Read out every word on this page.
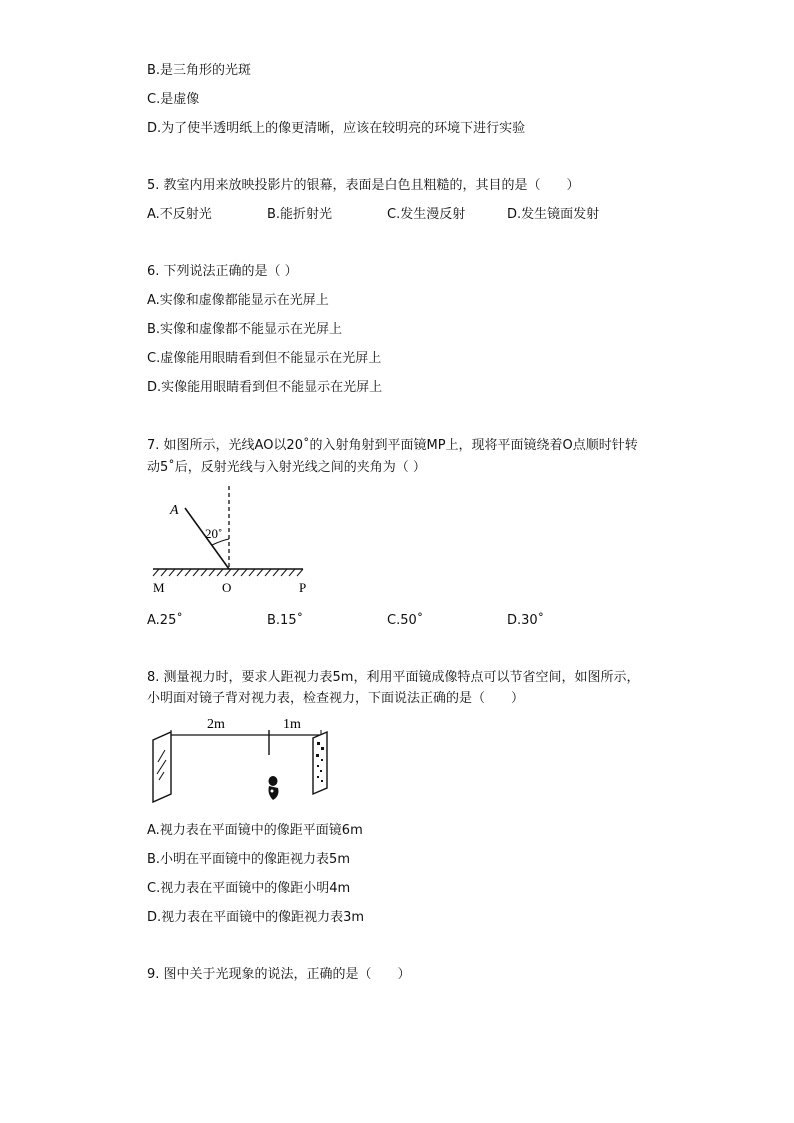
B.是三角形的光斑
C.是虚像
D.为了使半透明纸上的像更清晰，应该在较明亮的环境下进行实验
5. 教室内用来放映投影片的银幕，表面是白色且粗糙的，其目的是（　　）
A.不反射光	B.能折射光	C.发生漫反射	D.发生镜面发射
6. 下列说法正确的是（ ）
A.实像和虚像都能显示在光屏上
B.实像和虚像都不能显示在光屏上
C.虚像能用眼睛看到但不能显示在光屏上
D.实像能用眼睛看到但不能显示在光屏上
7. 如图所示，光线AO以20˚的入射角射到平面镜MP上，现将平面镜绕着O点顺时针转
动5˚后，反射光线与入射光线之间的夹角为（ ）
A
20˚
M	O	P
A.25˚	B.15˚	C.50˚	D.30˚
8. 测量视力时，要求人距视力表5m，利用平面镜成像特点可以节省空间，如图所示，
小明面对镜子背对视力表，检查视力，下面说法正确的是（　　）
2m	1m
A.视力表在平面镜中的像距平面镜6m
B.小明在平面镜中的像距视力表5m
C.视力表在平面镜中的像距小明4m
D.视力表在平面镜中的像距视力表3m
9. 图中关于光现象的说法，正确的是（　　）
